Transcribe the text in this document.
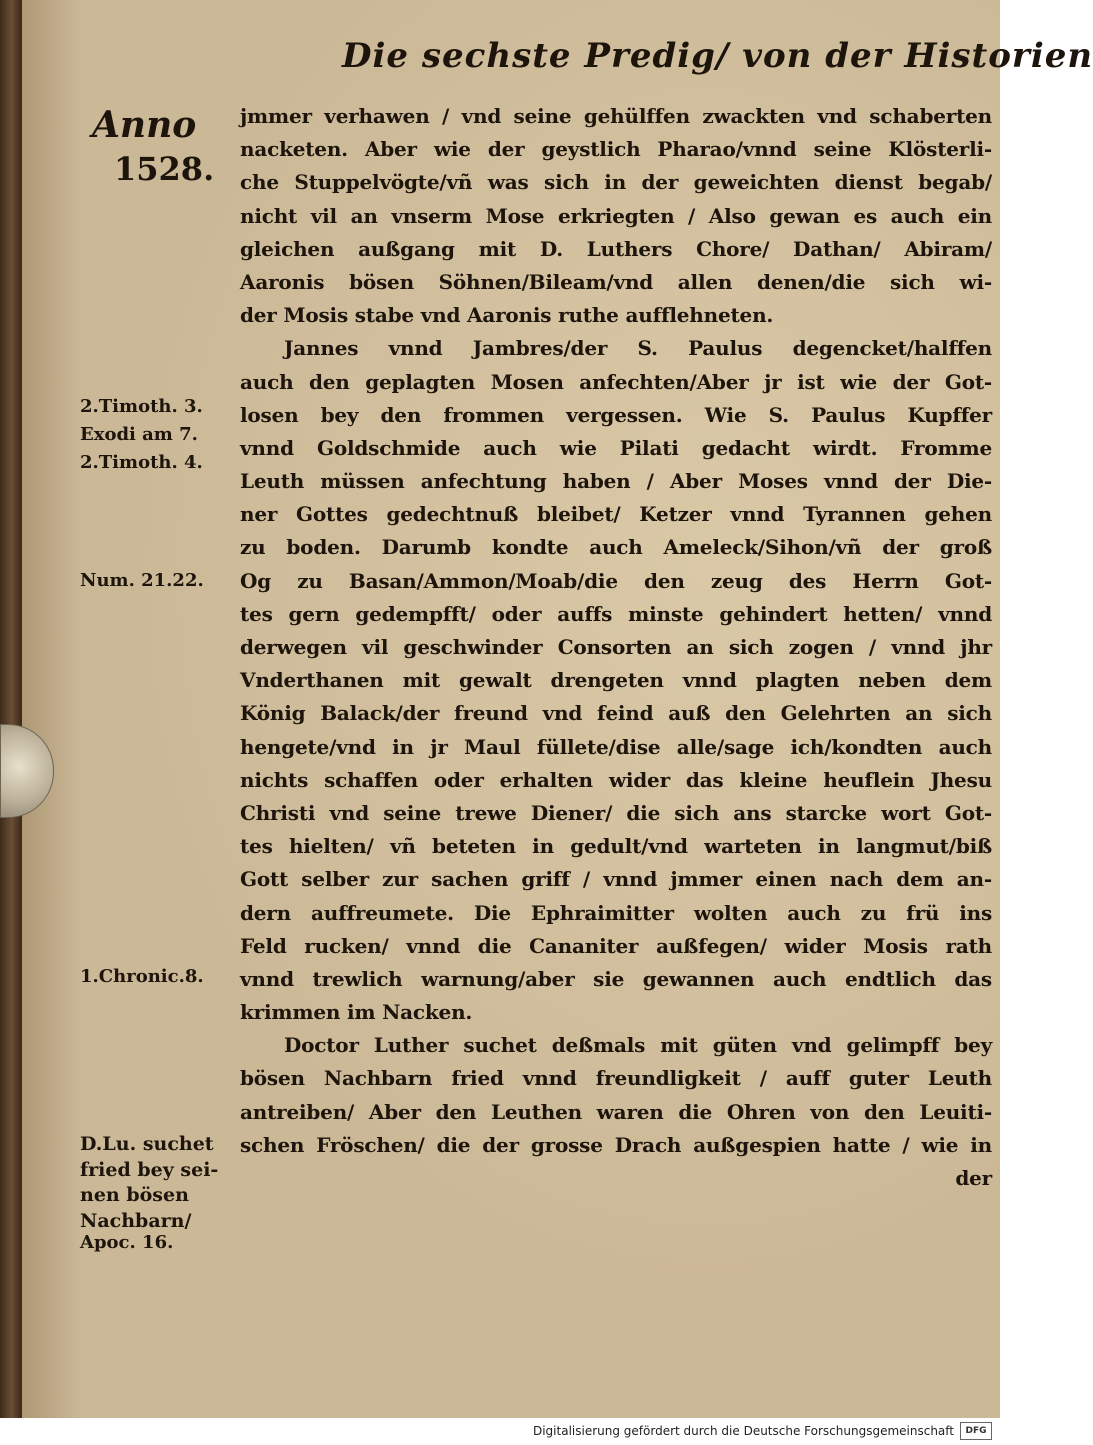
Die sechste Predig/ von der Historien
Anno
1528.
2.Timoth. 3.
Exodi am 7.
2.Timoth. 4.
Num. 21.22.
1.Chronic.8.
D.Lu. suchet fried bey sei- nen bösen Nachbarn/
Apoc. 16.
jmmer verhawen / vnd seine gehülffen zwackten vnd schaberten
nacketen. Aber wie der geystlich Pharao/vnnd seine Klösterli-
che Stuppelvögte/vñ was sich in der geweichten dienst begab/
nicht vil an vnserm Mose erkriegten / Also gewan es auch ein
gleichen außgang mit D. Luthers Chore/ Dathan/ Abiram/
Aaronis bösen Söhnen/Bileam/vnd allen denen/die sich wi-
der Mosis stabe vnd Aaronis ruthe aufflehneten.
Jannes vnnd Jambres/der S. Paulus degencket/halffen
auch den geplagten Mosen anfechten/Aber jr ist wie der Got-
losen bey den frommen vergessen. Wie S. Paulus Kupffer
vnnd Goldschmide auch wie Pilati gedacht wirdt. Fromme
Leuth müssen anfechtung haben / Aber Moses vnnd der Die-
ner Gottes gedechtnuß bleibet/ Ketzer vnnd Tyrannen gehen
zu boden. Darumb kondte auch Ameleck/Sihon/vñ der groß
Og zu Basan/Ammon/Moab/die den zeug des Herrn Got-
tes gern gedempfft/ oder auffs minste gehindert hetten/ vnnd
derwegen vil geschwinder Consorten an sich zogen / vnnd jhr
Vnderthanen mit gewalt drengeten vnnd plagten neben dem
König Balack/der freund vnd feind auß den Gelehrten an sich
hengete/vnd in jr Maul füllete/dise alle/sage ich/kondten auch
nichts schaffen oder erhalten wider das kleine heuflein Jhesu
Christi vnd seine trewe Diener/ die sich ans starcke wort Got-
tes hielten/ vñ beteten in gedult/vnd warteten in langmut/biß
Gott selber zur sachen griff / vnnd jmmer einen nach dem an-
dern auffreumete. Die Ephraimitter wolten auch zu frü ins
Feld rucken/ vnnd die Cananiter außfegen/ wider Mosis rath
vnnd trewlich warnung/aber sie gewannen auch endtlich das
krimmen im Nacken.
Doctor Luther suchet deßmals mit güten vnd gelimpff bey
bösen Nachbarn fried vnnd freundligkeit / auff guter Leuth
antreiben/ Aber den Leuthen waren die Ohren von den Leuiti-
schen Fröschen/ die der grosse Drach außgespien hatte / wie in
der
Digitalisierung gefördert durch die Deutsche Forschungsgemeinschaft	DFG
